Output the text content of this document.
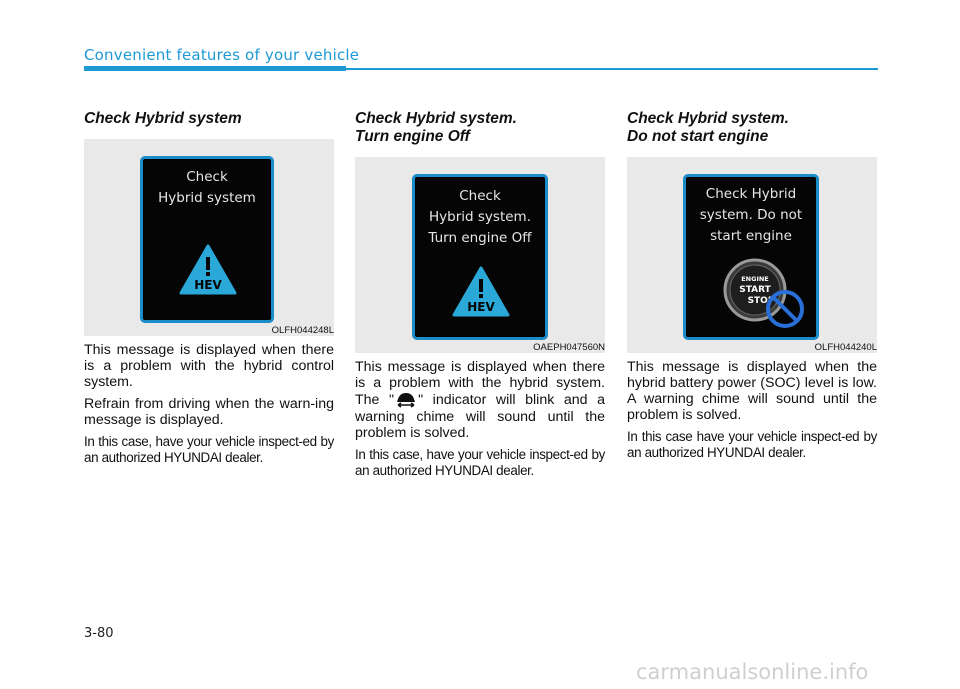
Convenient features of your vehicle
Check Hybrid system
Check
Hybrid system
HEV
OLFH044248L

This message is displayed when there is a problem with the hybrid control system.

Refrain from driving when the warn-ing message is displayed.

In this case, have your vehicle inspect-ed by an authorized HYUNDAI dealer.

Check Hybrid system.
Turn engine Off
Check
Hybrid system.
Turn engine Off
HEV
OAEPH047560N

This message is displayed when there is a problem with the hybrid system. The " " indicator will blink and a warning chime will sound until the problem is solved.

In this case, have your vehicle inspect-ed by an authorized HYUNDAI dealer.

Check Hybrid system.
Do not start engine
Check Hybrid
system. Do not
start engine
ENGINE
START
STOP
OLFH044240L

This message is displayed when the hybrid battery power (SOC) level is low. A warning chime will sound until the problem is solved.

In this case have your vehicle inspect-ed by an authorized HYUNDAI dealer.

3-80
carmanualsonline.info
